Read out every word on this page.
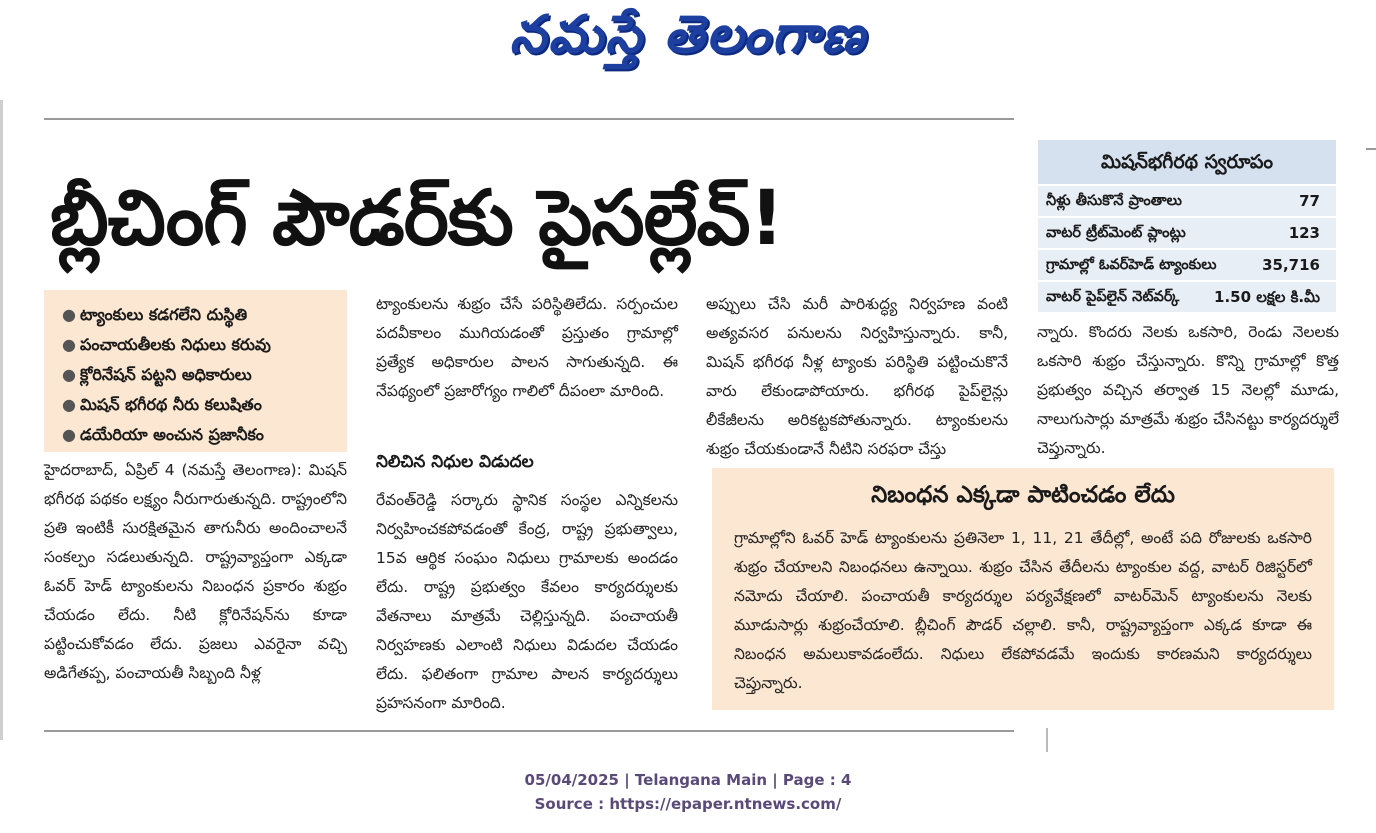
నమస్తే తెలంగాణ
బ్లీచింగ్ పౌడర్‌కు పైసల్లేవ్!
● ట్యాంకులు కడగలేని దుస్థితి
● పంచాయతీలకు నిధులు కరువు
● క్లోరినేషన్ పట్టని అధికారులు
● మిషన్ భగీరథ నీరు కలుషితం
● డయేరియా అంచున ప్రజానీకం

హైదరాబాద్, ఏప్రిల్ 4 (నమస్తే తెలంగాణ): మిషన్ భగీరథ పథకం లక్ష్యం నీరుగారుతున్నది. రాష్ట్రంలోని ప్రతి ఇంటికీ సురక్షితమైన తాగునీరు అందించాలనే సంకల్పం సడలుతున్నది. రాష్ట్రవ్యాప్తంగా ఎక్కడా ఓవర్ హెడ్ ట్యాంకులను నిబంధన ప్రకారం శుభ్రం చేయడం లేదు. నీటి క్లోరినేషన్‌ను కూడా పట్టించుకోవడం లేదు. ప్రజలు ఎవరైనా వచ్చి అడిగేతప్ప, పంచాయతీ సిబ్బంది నీళ్ల

ట్యాంకులను శుభ్రం చేసే పరిస్థితిలేదు. సర్పంచుల పదవీకాలం ముగియడంతో ప్రస్తుతం గ్రామాల్లో ప్రత్యేక అధికారుల పాలన సాగుతున్నది. ఈ నేపథ్యంలో ప్రజారోగ్యం గాలిలో దీపంలా మారింది.

నిలిచిన నిధుల విడుదల

రేవంత్‌రెడ్డి సర్కారు స్థానిక సంస్థల ఎన్నికలను నిర్వహించకపోవడంతో కేంద్ర, రాష్ట్ర ప్రభుత్వాలు, 15వ ఆర్థిక సంఘం నిధులు గ్రామాలకు అందడం లేదు. రాష్ట్ర ప్రభుత్వం కేవలం కార్యదర్శులకు వేతనాలు మాత్రమే చెల్లిస్తున్నది. పంచాయతీ నిర్వహణకు ఎలాంటి నిధులు విడుదల చేయడం లేదు. ఫలితంగా గ్రామాల పాలన కార్యదర్శులు ప్రహసనంగా మారింది.

అప్పులు చేసి మరీ పారిశుద్ధ్య నిర్వహణ వంటి అత్యవసర పనులను నిర్వహిస్తున్నారు. కానీ, మిషన్ భగీరథ నీళ్ల ట్యాంకు పరిస్థితి పట్టించుకొనే వారు లేకుండాపోయారు. భగీరథ పైప్‌లైన్లు లీకేజీలను అరికట్టకపోతున్నారు. ట్యాంకులను శుభ్రం చేయకుండానే నీటిని సరఫరా చేస్తు

న్నారు. కొందరు నెలకు ఒకసారి, రెండు నెలలకు ఒకసారి శుభ్రం చేస్తున్నారు. కొన్ని గ్రామాల్లో కొత్త ప్రభుత్వం వచ్చిన తర్వాత 15 నెలల్లో మూడు, నాలుగుసార్లు మాత్రమే శుభ్రం చేసినట్టు కార్యదర్శులే చెప్తున్నారు.

మిషన్‌భగీరథ స్వరూపం
నీళ్లు తీసుకొనే ప్రాంతాలు	77
వాటర్ ట్రీట్‌మెంట్ ప్లాంట్లు	123
గ్రామాల్లో ఓవర్‌హెడ్ ట్యాంకులు	35,716
వాటర్ పైప్‌లైన్ నెట్‌వర్క్ 1.50 లక్షల కి.మీ
నిబంధన ఎక్కడా పాటించడం లేదు
గ్రామాల్లోని ఓవర్ హెడ్ ట్యాంకులను ప్రతినెలా 1, 11, 21 తేదీల్లో, అంటే పది రోజులకు ఒకసారి శుభ్రం చేయాలని నిబంధనలు ఉన్నాయి. శుభ్రం చేసిన తేదీలను ట్యాంకుల వద్ద, వాటర్ రిజిస్టర్‌లో నమోదు చేయాలి. పంచాయతీ కార్యదర్శుల పర్యవేక్షణలో వాటర్‌మెన్ ట్యాంకులను నెలకు మూడుసార్లు శుభ్రంచేయాలి. బ్లీచింగ్ పౌడర్ చల్లాలి. కానీ, రాష్ట్రవ్యాప్తంగా ఎక్కడ కూడా ఈ నిబంధన అమలుకావడంలేదు. నిధులు లేకపోవడమే ఇందుకు కారణమని కార్యదర్శులు చెప్తున్నారు.
05/04/2025 | Telangana Main | Page : 4
Source : https://epaper.ntnews.com/
